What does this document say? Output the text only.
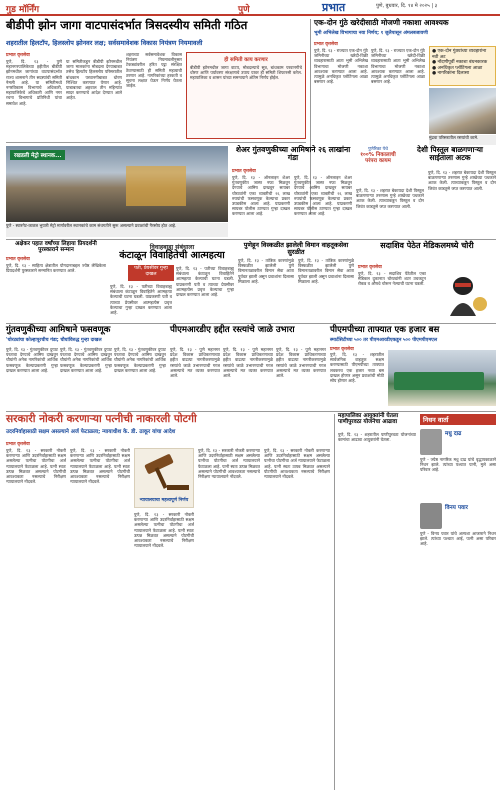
गुड मॉर्निंग	पुणे	प्रभात	पुणे, बुधवार, दि. १४ मे २०२५ | ३
बीडीपी झोन जागा वाटपासंदर्भात त्रिसदस्यीय समिती गठित
शहरातील हिलटॉप, हिलस्लोप झोनवर लक्ष; सर्वसमावेशक विकास नियंत्रण नियमावली
प्रभात वृत्तसेवा
पुणे, दि. १३ - पुणे महानगरपालिकेच्या हद्दीतील बीडीपी झोनमधील जागांच्या वाटपासंदर्भात राज्य शासनाने तीन सदस्यांची समिती नेमली आहे. या समितीमध्ये नगरविकास विभागाचे अधिकारी, महापालिकेचे अधिकारी आणि नगर रचना विभागाचे प्रतिनिधी यांचा समावेश आहे.
या समितीकडून बीडीपी झोनमधील जागा मालकांना मोबदला देण्याबाबत तसेच हिलटॉप हिलस्लोप परिसरातील बांधकाम परवानगीबाबत धोरण निश्चित करण्यात येणार आहे. याबाबतचा अहवाल तीन महिन्यांत सादर करण्याचे आदेश देण्यात आले आहेत.
शहराच्या सर्वसमावेशक विकास नियंत्रण नियमावलीनुसार टेकड्यांवरील हरित पट्टा संरक्षित ठेवण्यासाठी ही समिती महत्वाची ठरणार आहे. नागरिकांच्या हरकती व सूचना लक्षात घेऊन निर्णय घेतला जाईल.
ही समिती काय करणार
बीडीपी झोनमधील जागा वाटप, मोबदल्याचे सूत्र, बांधकाम परवानगीचे धोरण आणि पर्यावरण संरक्षणाचे उपाय यावर ही समिती शिफारसी करेल. महापालिका व शासन यांच्या समन्वयाने अंतिम निर्णय होईल.
एक-दोन गुंठे खरेदीसाठी मोजणी नकाशा आवश्यक
भूमी अभिलेख विभागाचा नवा निर्णय; १ जुलैपासून अंमलबजावणी
प्रभात वृत्तसेवा
पुणे, दि. १३ - राज्यात एक-दोन गुंठे जमिनीच्या खरेदी-विक्री व्यवहारासाठी आता भूमी अभिलेख विभागाचा मोजणी नकाशा आवश्यक करण्यात आला आहे. त्यामुळे अनधिकृत प्लॉटिंगला आळा बसणार आहे.
पुणे, दि. १३ - राज्यात एक-दोन गुंठे जमिनीच्या खरेदी-विक्री व्यवहारासाठी आता भूमी अभिलेख विभागाचा मोजणी नकाशा आवश्यक करण्यात आला आहे. त्यामुळे अनधिकृत प्लॉटिंगला आळा बसणार आहे.
● एक-दोन गुंठ्यांच्या व्यवहारांना नवी अट
● नोंदणीपूर्वी नकाशा बंधनकारक
● अनधिकृत प्लॉटिंगला आळा
● नागरिकांना दिलासा
मुंढवा परिसरातील रस्त्यांची कामे.
रखडली मेट्रो स्थानक...
पुणे - स्वारगेट-कात्रज भुयारी मेट्रो मार्गावरील स्थानकांचे काम संथगतीने सुरू असल्याने प्रवाशांची गैरसोय होत आहे.
शेअर गुंतवणुकीच्या आमिषाने २६ लाखांना गंडा
प्रभात वृत्तसेवा
पुणे, दि. १३ - ऑनलाइन शेअर गुंतवणुकीत जास्त नफा मिळवून देण्याचे आमिष दाखवून सायबर चोरट्यांनी एका व्यक्तीची २६ लाख रुपयांची फसवणूक केल्याचा प्रकार उघडकीस आला आहे. याप्रकरणी सायबर पोलीस ठाण्यात गुन्हा दाखल करण्यात आला आहे.
पुणे, दि. १३ - ऑनलाइन शेअर गुंतवणुकीत जास्त नफा मिळवून देण्याचे आमिष दाखवून सायबर चोरट्यांनी एका व्यक्तीची २६ लाख रुपयांची फसवणूक केल्याचा प्रकार उघडकीस आला आहे. याप्रकरणी सायबर पोलीस ठाण्यात गुन्हा दाखल करण्यात आला आहे.
पुणेरिका येथे
१००% निकालाची परंपरा कायम
देशी पिस्तूल बाळगणाऱ्या साईताला अटक
पुणे, दि. १३ - शहरात बेकायदा देशी पिस्तूल बाळगणाऱ्या तरुणास गुन्हे शाखेच्या पथकाने अटक केली. त्याच्याकडून पिस्तूल व दोन जिवंत काडतुसे जप्त करण्यात आली.
पुणे, दि. १३ - शहरात बेकायदा देशी पिस्तूल बाळगणाऱ्या तरुणास गुन्हे शाखेच्या पथकाने अटक केली. त्याच्याकडून पिस्तूल व दोन जिवंत काडतुसे जप्त करण्यात आली.
अक्षेकर पहात वर्षांच्या लिहाया प्रियदर्शनी पुरस्काराने सन्मान
प्रभात वृत्तसेवा
पुणे, दि. १३ - साहित्य क्षेत्रातील योगदानाबद्दल ज्येष्ठ लेखिकेला प्रियदर्शनी पुरस्काराने सन्मानित करण्यात आले.
विवाहबाह्य संबंधाला
कंटाळून विवाहितेची आत्महत्या
पती, प्रेयसीवर गुन्हा दाखल
पुणे, दि. १३ - पतीच्या विवाहबाह्य संबंधाला कंटाळून विवाहितेने आत्महत्या केल्याची घटना घडली. याप्रकरणी पती व त्याच्या प्रेयसीवर आत्महत्येस प्रवृत्त केल्याचा गुन्हा दाखल करण्यात आला आहे.
पुणे, दि. १३ - पतीच्या विवाहबाह्य संबंधाला कंटाळून विवाहितेने आत्महत्या केल्याची घटना घडली. याप्रकरणी पती व त्याच्या प्रेयसीवर आत्महत्येस प्रवृत्त केल्याचा गुन्हा दाखल करण्यात आला आहे.
पुणेहून विस्कळीत झालेली विमान वाहतूकसेवा सुरळीत
पुणे, दि. १३ - तांत्रिक कारणांमुळे विस्कळीत झालेली पुणे विमानतळावरील विमान सेवा आता पूर्ववत झाली असून प्रवाशांना दिलासा मिळाला आहे.
पुणे, दि. १३ - तांत्रिक कारणांमुळे विस्कळीत झालेली पुणे विमानतळावरील विमान सेवा आता पूर्ववत झाली असून प्रवाशांना दिलासा मिळाला आहे.
सदाशिव पेठेत मेडिकलमध्ये चोरी
प्रभात वृत्तसेवा
पुणे, दि. १३ - सदाशिव पेठेतील एका मेडिकल दुकानात चोरट्यांनी शटर उचकटून रोकड व औषधे चोरून नेल्याची घटना घडली.
गुंतवणुकीच्या आमिषाने फसवणूक
'चोरट्यांचा कोल्हापूरचीच गंडा; चौघांविरुद्ध गुन्हा दाखल
पुणे, दि. १३ - गुंतवणुकीवर दुप्पट परतावा देण्याचे आमिष दाखवून चौघांनी अनेक नागरिकांची आर्थिक फसवणूक केल्याप्रकरणी गुन्हा दाखल करण्यात आला आहे.
पुणे, दि. १३ - गुंतवणुकीवर दुप्पट परतावा देण्याचे आमिष दाखवून चौघांनी अनेक नागरिकांची आर्थिक फसवणूक केल्याप्रकरणी गुन्हा दाखल करण्यात आला आहे.
पुणे, दि. १३ - गुंतवणुकीवर दुप्पट परतावा देण्याचे आमिष दाखवून चौघांनी अनेक नागरिकांची आर्थिक फसवणूक केल्याप्रकरणी गुन्हा दाखल करण्यात आला आहे.
पीएमआरडीए हद्दीत रस्त्यांचे जाळे उभारा
पुणे, दि. १३ - पुणे महानगर प्रदेश विकास प्राधिकरणाच्या हद्दीत वाढत्या नागरीकरणामुळे रस्त्यांचे जाळे उभारण्याची गरज असल्याचे मत व्यक्त करण्यात आले.
पुणे, दि. १३ - पुणे महानगर प्रदेश विकास प्राधिकरणाच्या हद्दीत वाढत्या नागरीकरणामुळे रस्त्यांचे जाळे उभारण्याची गरज असल्याचे मत व्यक्त करण्यात आले.
पुणे, दि. १३ - पुणे महानगर प्रदेश विकास प्राधिकरणाच्या हद्दीत वाढत्या नागरीकरणामुळे रस्त्यांचे जाळे उभारण्याची गरज असल्याचे मत व्यक्त करण्यात आले.
पीएमपीच्या ताफ्यात एक हजार बस
स्मार्टसिटीच्या ५०० तर पीएमआरडीएकडून ५०० पीएमपीएमएल
प्रभात वृत्तसेवा
पुणे, दि. १३ - शहरातील सार्वजनिक वाहतूक सक्षम करण्यासाठी पीएमपीच्या ताफ्यात लवकरच एक हजार नव्या बस दाखल होणार असून प्रवाशांची मोठी सोय होणार आहे.
सरकारी नोकरी करणाऱ्या पत्नीची नाकारली पोटगी
उदरनिर्वाहासाठी सक्षम असल्याने अर्ज फेटाळला; न्यायाधीश के. डी. ठाकूर यांचा आदेश
प्रभात वृत्तसेवा
पुणे, दि. १३ - सरकारी नोकरी करणाऱ्या आणि उदरनिर्वाहासाठी सक्षम असलेल्या पत्नीचा पोटगीचा अर्ज न्यायालयाने फेटाळला आहे. पत्नी स्वतः उत्पन्न मिळवत असल्याने पोटगीची आवश्यकता नसल्याचे निरीक्षण न्यायालयाने नोंदवले.
पुणे, दि. १३ - सरकारी नोकरी करणाऱ्या आणि उदरनिर्वाहासाठी सक्षम असलेल्या पत्नीचा पोटगीचा अर्ज न्यायालयाने फेटाळला आहे. पत्नी स्वतः उत्पन्न मिळवत असल्याने पोटगीची आवश्यकता नसल्याचे निरीक्षण न्यायालयाने नोंदवले.
न्यायालयाचा महत्त्वपूर्ण निर्णय
पुणे, दि. १३ - सरकारी नोकरी करणाऱ्या आणि उदरनिर्वाहासाठी सक्षम असलेल्या पत्नीचा पोटगीचा अर्ज न्यायालयाने फेटाळला आहे. पत्नी स्वतः उत्पन्न मिळवत असल्याने पोटगीची आवश्यकता नसल्याचे निरीक्षण न्यायालयाने नोंदवले.
पुणे, दि. १३ - सरकारी नोकरी करणाऱ्या आणि उदरनिर्वाहासाठी सक्षम असलेल्या पत्नीचा पोटगीचा अर्ज न्यायालयाने फेटाळला आहे. पत्नी स्वतः उत्पन्न मिळवत असल्याने पोटगीची आवश्यकता नसल्याचे निरीक्षण न्यायालयाने नोंदवले.
पुणे, दि. १३ - सरकारी नोकरी करणाऱ्या आणि उदरनिर्वाहासाठी सक्षम असलेल्या पत्नीचा पोटगीचा अर्ज न्यायालयाने फेटाळला आहे. पत्नी स्वतः उत्पन्न मिळवत असल्याने पोटगीची आवश्यकता नसल्याचे निरीक्षण न्यायालयाने नोंदवले.
महापालिका आयुक्तांनी घेतला पाणीपुरवठा योजनेचा आढावा
पुणे, दि. १३ - शहरातील पाणीपुरवठा योजनांच्या कामांचा आढावा आयुक्तांनी घेतला.
निधन वार्ता
मधु दाढ
पुणे - ज्येष्ठ नागरिक मधु दाढ यांचे वृद्धापकाळाने निधन झाले. त्यांच्या पश्चात पत्नी, मुले असा परिवार आहे.
विनय पवार
पुणे - विनय पवार यांचे अल्पशा आजाराने निधन झाले. त्यांच्या पश्चात आई, पत्नी असा परिवार आहे.
